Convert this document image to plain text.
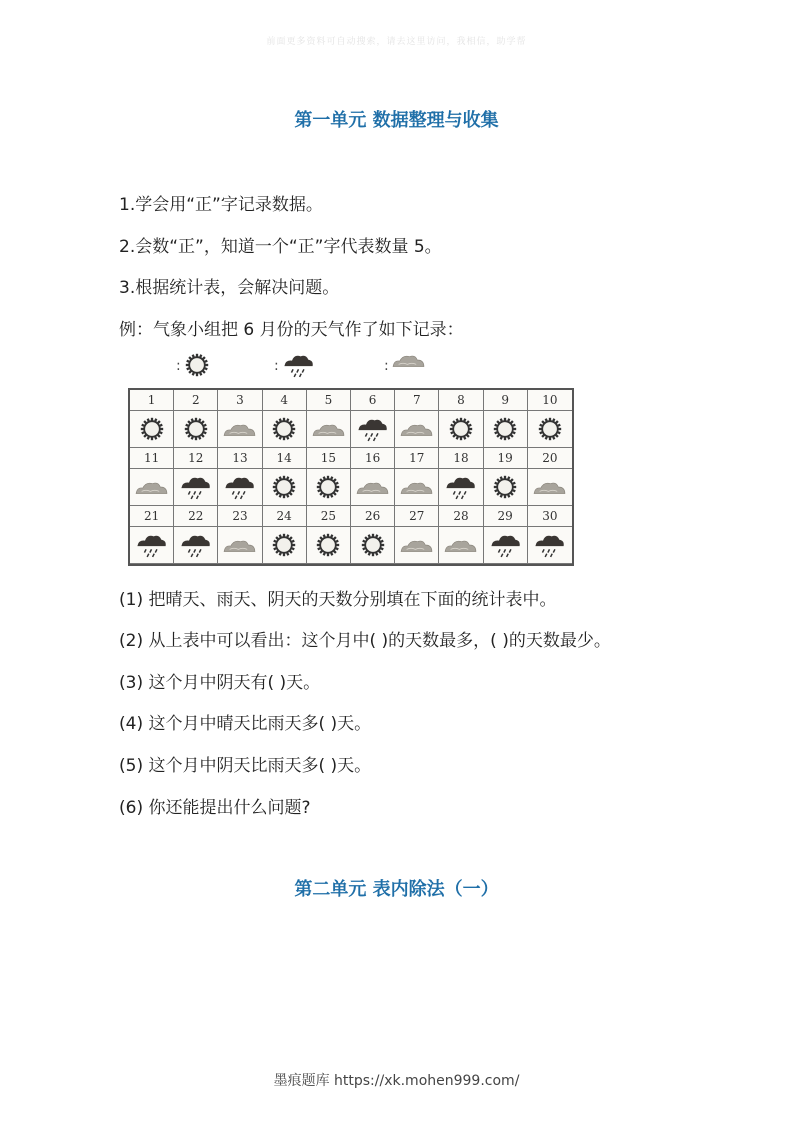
前面更多资料可自动搜索，请去这里访问，我相信，助学帮
第一单元 数据整理与收集
1.学会用“正”字记录数据。
2.会数“正”，知道一个“正”字代表数量 5。
3.根据统计表，会解决问题。
例：气象小组把 6 月份的天气作了如下记录：
:	:	:
1	2	3	4	5	6	7	8	9	10
11	12	13	14	15	16	17	18	19	20
21	22	23	24	25	26	27	28	29	30
(1) 把晴天、雨天、阴天的天数分别填在下面的统计表中。
(2) 从上表中可以看出：这个月中( )的天数最多，( )的天数最少。
(3) 这个月中阴天有( )天。
(4) 这个月中晴天比雨天多( )天。
(5) 这个月中阴天比雨天多( )天。
(6) 你还能提出什么问题?
第二单元 表内除法（一）
墨痕题库 https://xk.mohen999.com/
